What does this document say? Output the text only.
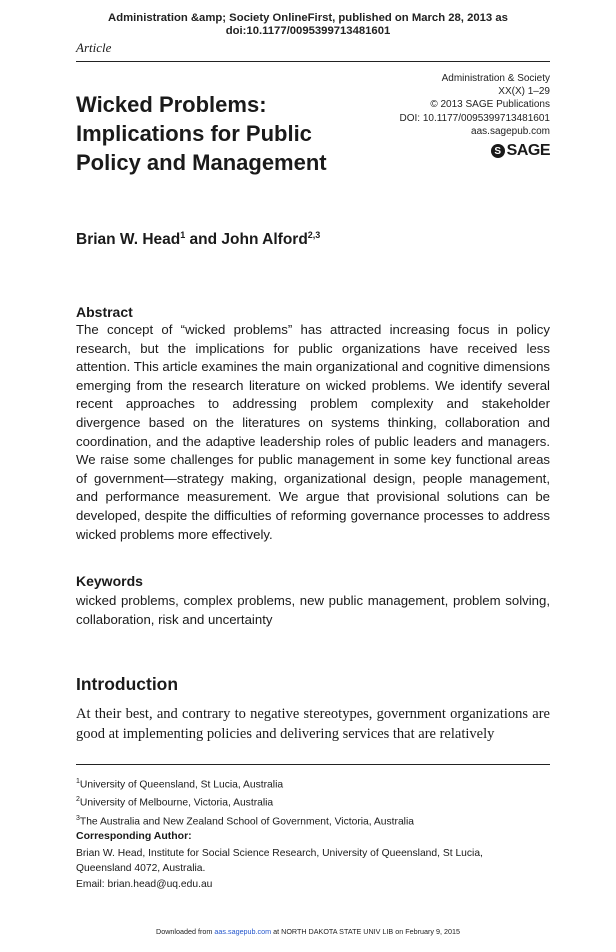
Administration &amp; Society OnlineFirst, published on March 28, 2013 as
doi:10.1177/0095399713481601
Article
Administration & Society
XX(X) 1–29
© 2013 SAGE Publications
DOI: 10.1177/0095399713481601
aas.sagepub.com
S SAGE
Wicked Problems:
Implications for Public
Policy and Management
Brian W. Head$^1$ and John Alford$^{2,3}$
Abstract
The concept of “wicked problems” has attracted increasing focus in policy research, but the implications for public organizations have received less attention. This article examines the main organizational and cognitive dimensions emerging from the research literature on wicked problems. We identify several recent approaches to addressing problem complexity and stakeholder divergence based on the literatures on systems thinking, collaboration and coordination, and the adaptive leadership roles of public leaders and managers. We raise some challenges for public management in some key functional areas of government—strategy making, organizational design, people management, and performance measurement. We argue that provisional solutions can be developed, despite the difficulties of reforming governance processes to address wicked problems more effectively.
Keywords
wicked problems, complex problems, new public management, problem solving, collaboration, risk and uncertainty
Introduction
At their best, and contrary to negative stereotypes, government organizations are good at implementing policies and delivering services that are relatively
$^1$University of Queensland, St Lucia, Australia
$^2$University of Melbourne, Victoria, Australia
$^3$The Australia and New Zealand School of Government, Victoria, Australia
Corresponding Author:
Brian W. Head, Institute for Social Science Research, University of Queensland, St Lucia,
Queensland 4072, Australia.
Email: brian.head@uq.edu.au
Downloaded from aas.sagepub.com at NORTH DAKOTA STATE UNIV LIB on February 9, 2015
